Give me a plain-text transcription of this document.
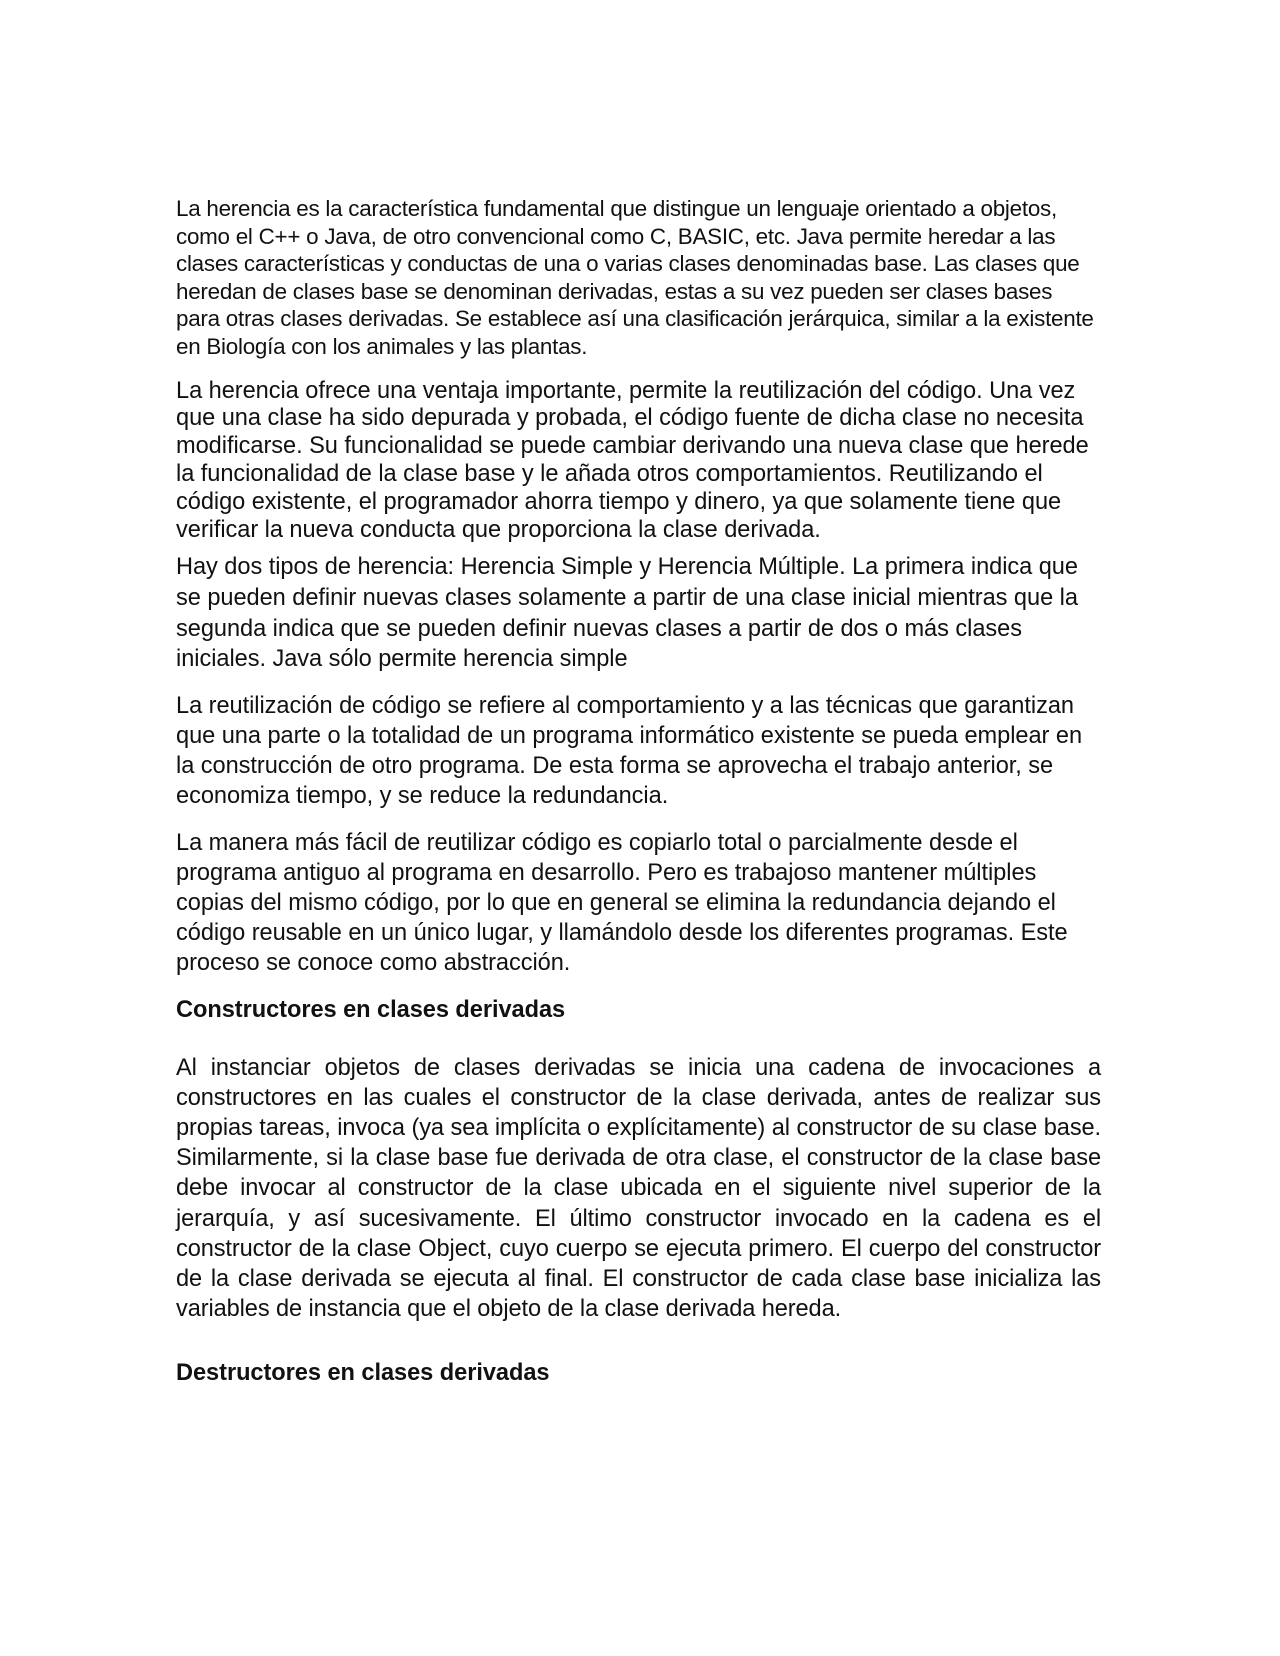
La herencia es la característica fundamental que distingue un lenguaje orientado a objetos, como el C++ o Java, de otro convencional como C, BASIC, etc. Java permite heredar a las clases características y conductas de una o varias clases denominadas base. Las clases que heredan de clases base se denominan derivadas, estas a su vez pueden ser clases bases para otras clases derivadas. Se establece así una clasificación jerárquica, similar a la existente en Biología con los animales y las plantas.

La herencia ofrece una ventaja importante, permite la reutilización del código. Una vez que una clase ha sido depurada y probada, el código fuente de dicha clase no necesita modificarse. Su funcionalidad se puede cambiar derivando una nueva clase que herede la funcionalidad de la clase base y le añada otros comportamientos. Reutilizando el código existente, el programador ahorra tiempo y dinero, ya que solamente tiene que verificar la nueva conducta que proporciona la clase derivada.

Hay dos tipos de herencia: Herencia Simple y Herencia Múltiple. La primera indica que se pueden definir nuevas clases solamente a partir de una clase inicial mientras que la segunda indica que se pueden definir nuevas clases a partir de dos o más clases iniciales. Java sólo permite herencia simple

La reutilización de código se refiere al comportamiento y a las técnicas que garantizan que una parte o la totalidad de un programa informático existente se pueda emplear en la construcción de otro programa. De esta forma se aprovecha el trabajo anterior, se economiza tiempo, y se reduce la redundancia.

La manera más fácil de reutilizar código es copiarlo total o parcialmente desde el programa antiguo al programa en desarrollo. Pero es trabajoso mantener múltiples copias del mismo código, por lo que en general se elimina la redundancia dejando el código reusable en un único lugar, y llamándolo desde los diferentes programas. Este proceso se conoce como abstracción.

Constructores en clases derivadas

Al instanciar objetos de clases derivadas se inicia una cadena de invocaciones a constructores en las cuales el constructor de la clase derivada, antes de realizar sus propias tareas, invoca (ya sea implícita o explícitamente) al constructor de su clase base. Similarmente, si la clase base fue derivada de otra clase, el constructor de la clase base debe invocar al constructor de la clase ubicada en el siguiente nivel superior de la jerarquía, y así sucesivamente. El último constructor invocado en la cadena es el constructor de la clase Object, cuyo cuerpo se ejecuta primero. El cuerpo del constructor de la clase derivada se ejecuta al final. El constructor de cada clase base inicializa las variables de instancia que el objeto de la clase derivada hereda.

Destructores en clases derivadas
